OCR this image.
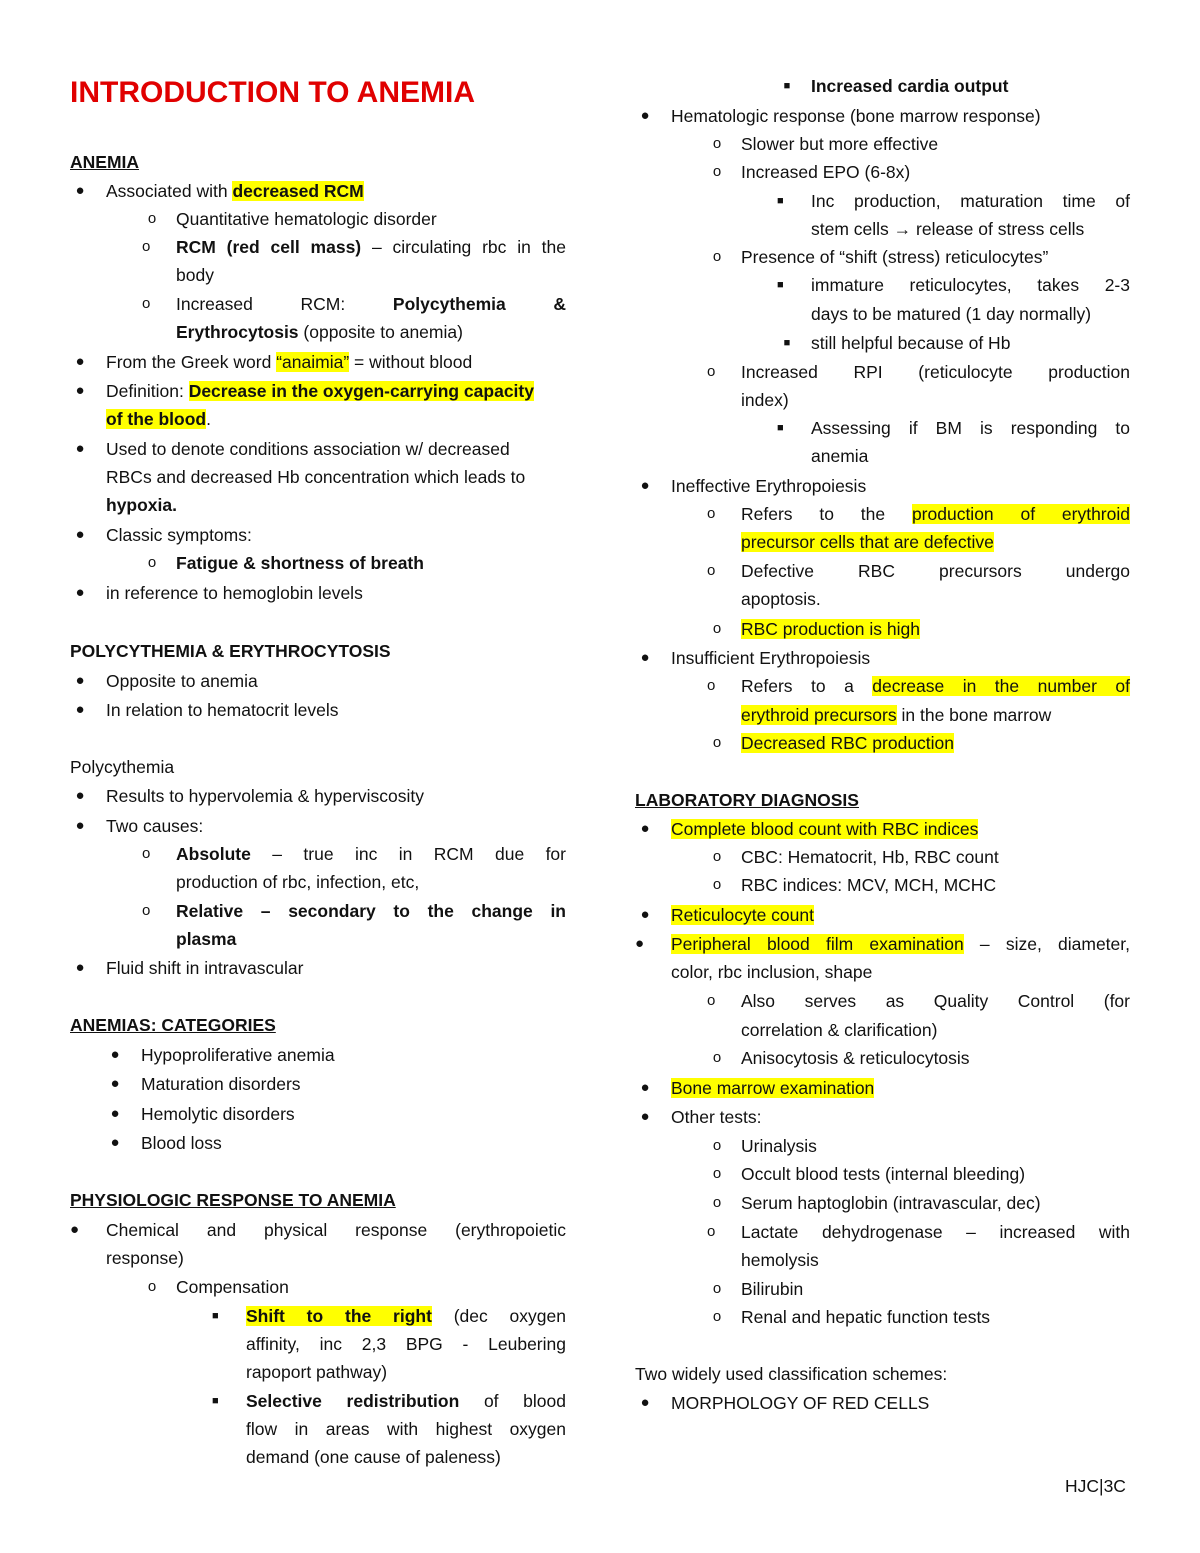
INTRODUCTION TO ANEMIA
ANEMIA
●	Associated with decreased RCM
o	Quantitative hematologic disorder
o	RCM (red cell mass) – circulating rbc in the
body
o	Increased RCM: Polycythemia &
Erythrocytosis (opposite to anemia)
●	From the Greek word “anaimia” = without blood
●	Definition: Decrease in the oxygen-carrying capacity
of the blood.
●	Used to denote conditions association w/ decreased
RBCs and decreased Hb concentration which leads to
hypoxia.
●	Classic symptoms:
o	Fatigue & shortness of breath
●	in reference to hemoglobin levels
POLYCYTHEMIA & ERYTHROCYTOSIS
●	Opposite to anemia
●	In relation to hematocrit levels
Polycythemia
●	Results to hypervolemia & hyperviscosity
●	Two causes:
o	Absolute – true inc in RCM due for
production of rbc, infection, etc,
o	Relative – secondary to the change in
plasma
●	Fluid shift in intravascular
ANEMIAS: CATEGORIES
●	Hypoproliferative anemia
●	Maturation disorders
●	Hemolytic disorders
●	Blood loss
PHYSIOLOGIC RESPONSE TO ANEMIA
●	Chemical and physical response (erythropoietic
response)
o	Compensation
■	Shift to the right (dec oxygen
affinity, inc 2,3 BPG - Leubering
rapoport pathway)
■	Selective redistribution of blood
flow in areas with highest oxygen
demand (one cause of paleness)
■	Increased cardia output
●	Hematologic response (bone marrow response)
o	Slower but more effective
o	Increased EPO (6-8x)
■	Inc production, maturation time of
stem cells → release of stress cells
o	Presence of “shift (stress) reticulocytes”
■	immature reticulocytes, takes 2-3
days to be matured (1 day normally)
■	still helpful because of Hb
o	Increased RPI (reticulocyte production
index)
■	Assessing if BM is responding to
anemia
●	Ineffective Erythropoiesis
o	Refers to the production of erythroid
precursor cells that are defective
o	Defective RBC precursors undergo
apoptosis.
o	RBC production is high
●	Insufficient Erythropoiesis
o	Refers to a decrease in the number of
erythroid precursors in the bone marrow
o	Decreased RBC production
LABORATORY DIAGNOSIS
●	Complete blood count with RBC indices
o	CBC: Hematocrit, Hb, RBC count
o	RBC indices: MCV, MCH, MCHC
●	Reticulocyte count
●	Peripheral blood film examination – size, diameter,
color, rbc inclusion, shape
o	Also serves as Quality Control (for
correlation & clarification)
o	Anisocytosis & reticulocytosis
●	Bone marrow examination
●	Other tests:
o	Urinalysis
o	Occult blood tests (internal bleeding)
o	Serum haptoglobin (intravascular, dec)
o	Lactate dehydrogenase – increased with
hemolysis
o	Bilirubin
o	Renal and hepatic function tests
Two widely used classification schemes:
●	MORPHOLOGY OF RED CELLS
HJC|3C
